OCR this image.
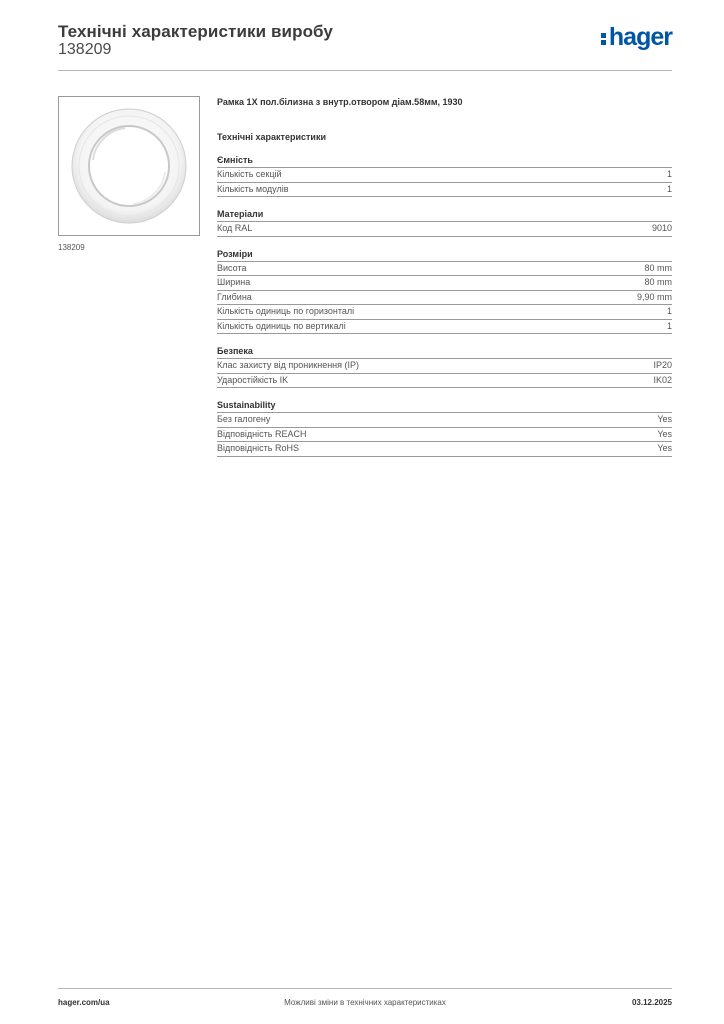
Технічні характеристики виробу
138209	hager
138209
Рамка 1X пол.білизна з внутр.отвором діам.58мм, 1930
Технічні характеристики
Ємність
Кількість секцій	1
Кількість модулів	1
Матеріали
Код RAL	9010
Розміри
Висота	80 mm
Ширина	80 mm
Глибина	9,90 mm
Кількість одиниць по горизонталі	1
Кількість одиниць по вертикалі	1
Безпека
Клас захисту від проникнення (IP)	IP20
Ударостійкість IK	IK02
Sustainability
Без галогену	Yes
Відповідність REACH	Yes
Відповідність RoHS	Yes
hager.com/ua	Можливі зміни в технічних характеристиках	03.12.2025
